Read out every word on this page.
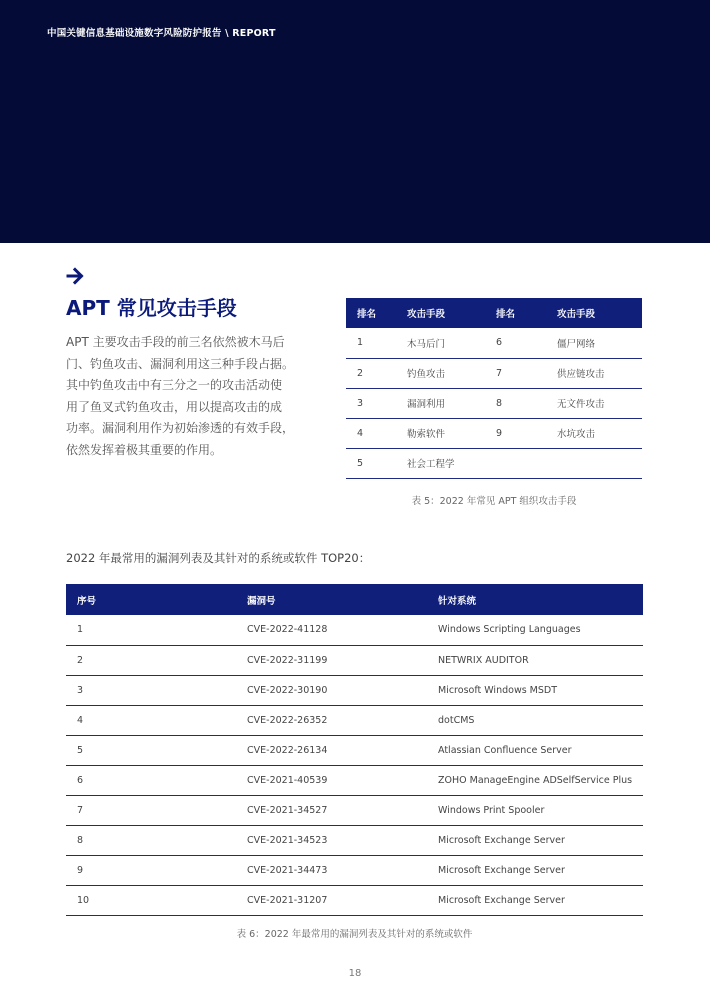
中国关键信息基础设施数字风险防护报告 \ REPORT
APT 常见攻击手段

APT 主要攻击手段的前三名依然被木马后

门、钓鱼攻击、漏洞利用这三种手段占据。

其中钓鱼攻击中有三分之一的攻击活动使

用了鱼叉式钓鱼攻击，用以提高攻击的成

功率。漏洞利用作为初始渗透的有效手段，

依然发挥着极其重要的作用。

排名	攻击手段	排名	攻击手段
1	木马后门	6	僵尸网络
2	钓鱼攻击	7	供应链攻击
3	漏洞利用	8	无文件攻击
4	勒索软件	9	水坑攻击
5	社会工程学		
表 5：2022 年常见 APT 组织攻击手段
2022 年最常用的漏洞列表及其针对的系统或软件 TOP20：
序号	漏洞号	针对系统
1	CVE-2022-41128	Windows Scripting Languages
2	CVE-2022-31199	NETWRIX AUDITOR
3	CVE-2022-30190	Microsoft Windows MSDT
4	CVE-2022-26352	dotCMS
5	CVE-2022-26134	Atlassian Confluence Server
6	CVE-2021-40539	ZOHO ManageEngine ADSelfService Plus
7	CVE-2021-34527	Windows Print Spooler
8	CVE-2021-34523	Microsoft Exchange Server
9	CVE-2021-34473	Microsoft Exchange Server
10	CVE-2021-31207	Microsoft Exchange Server
表 6：2022 年最常用的漏洞列表及其针对的系统或软件
18
